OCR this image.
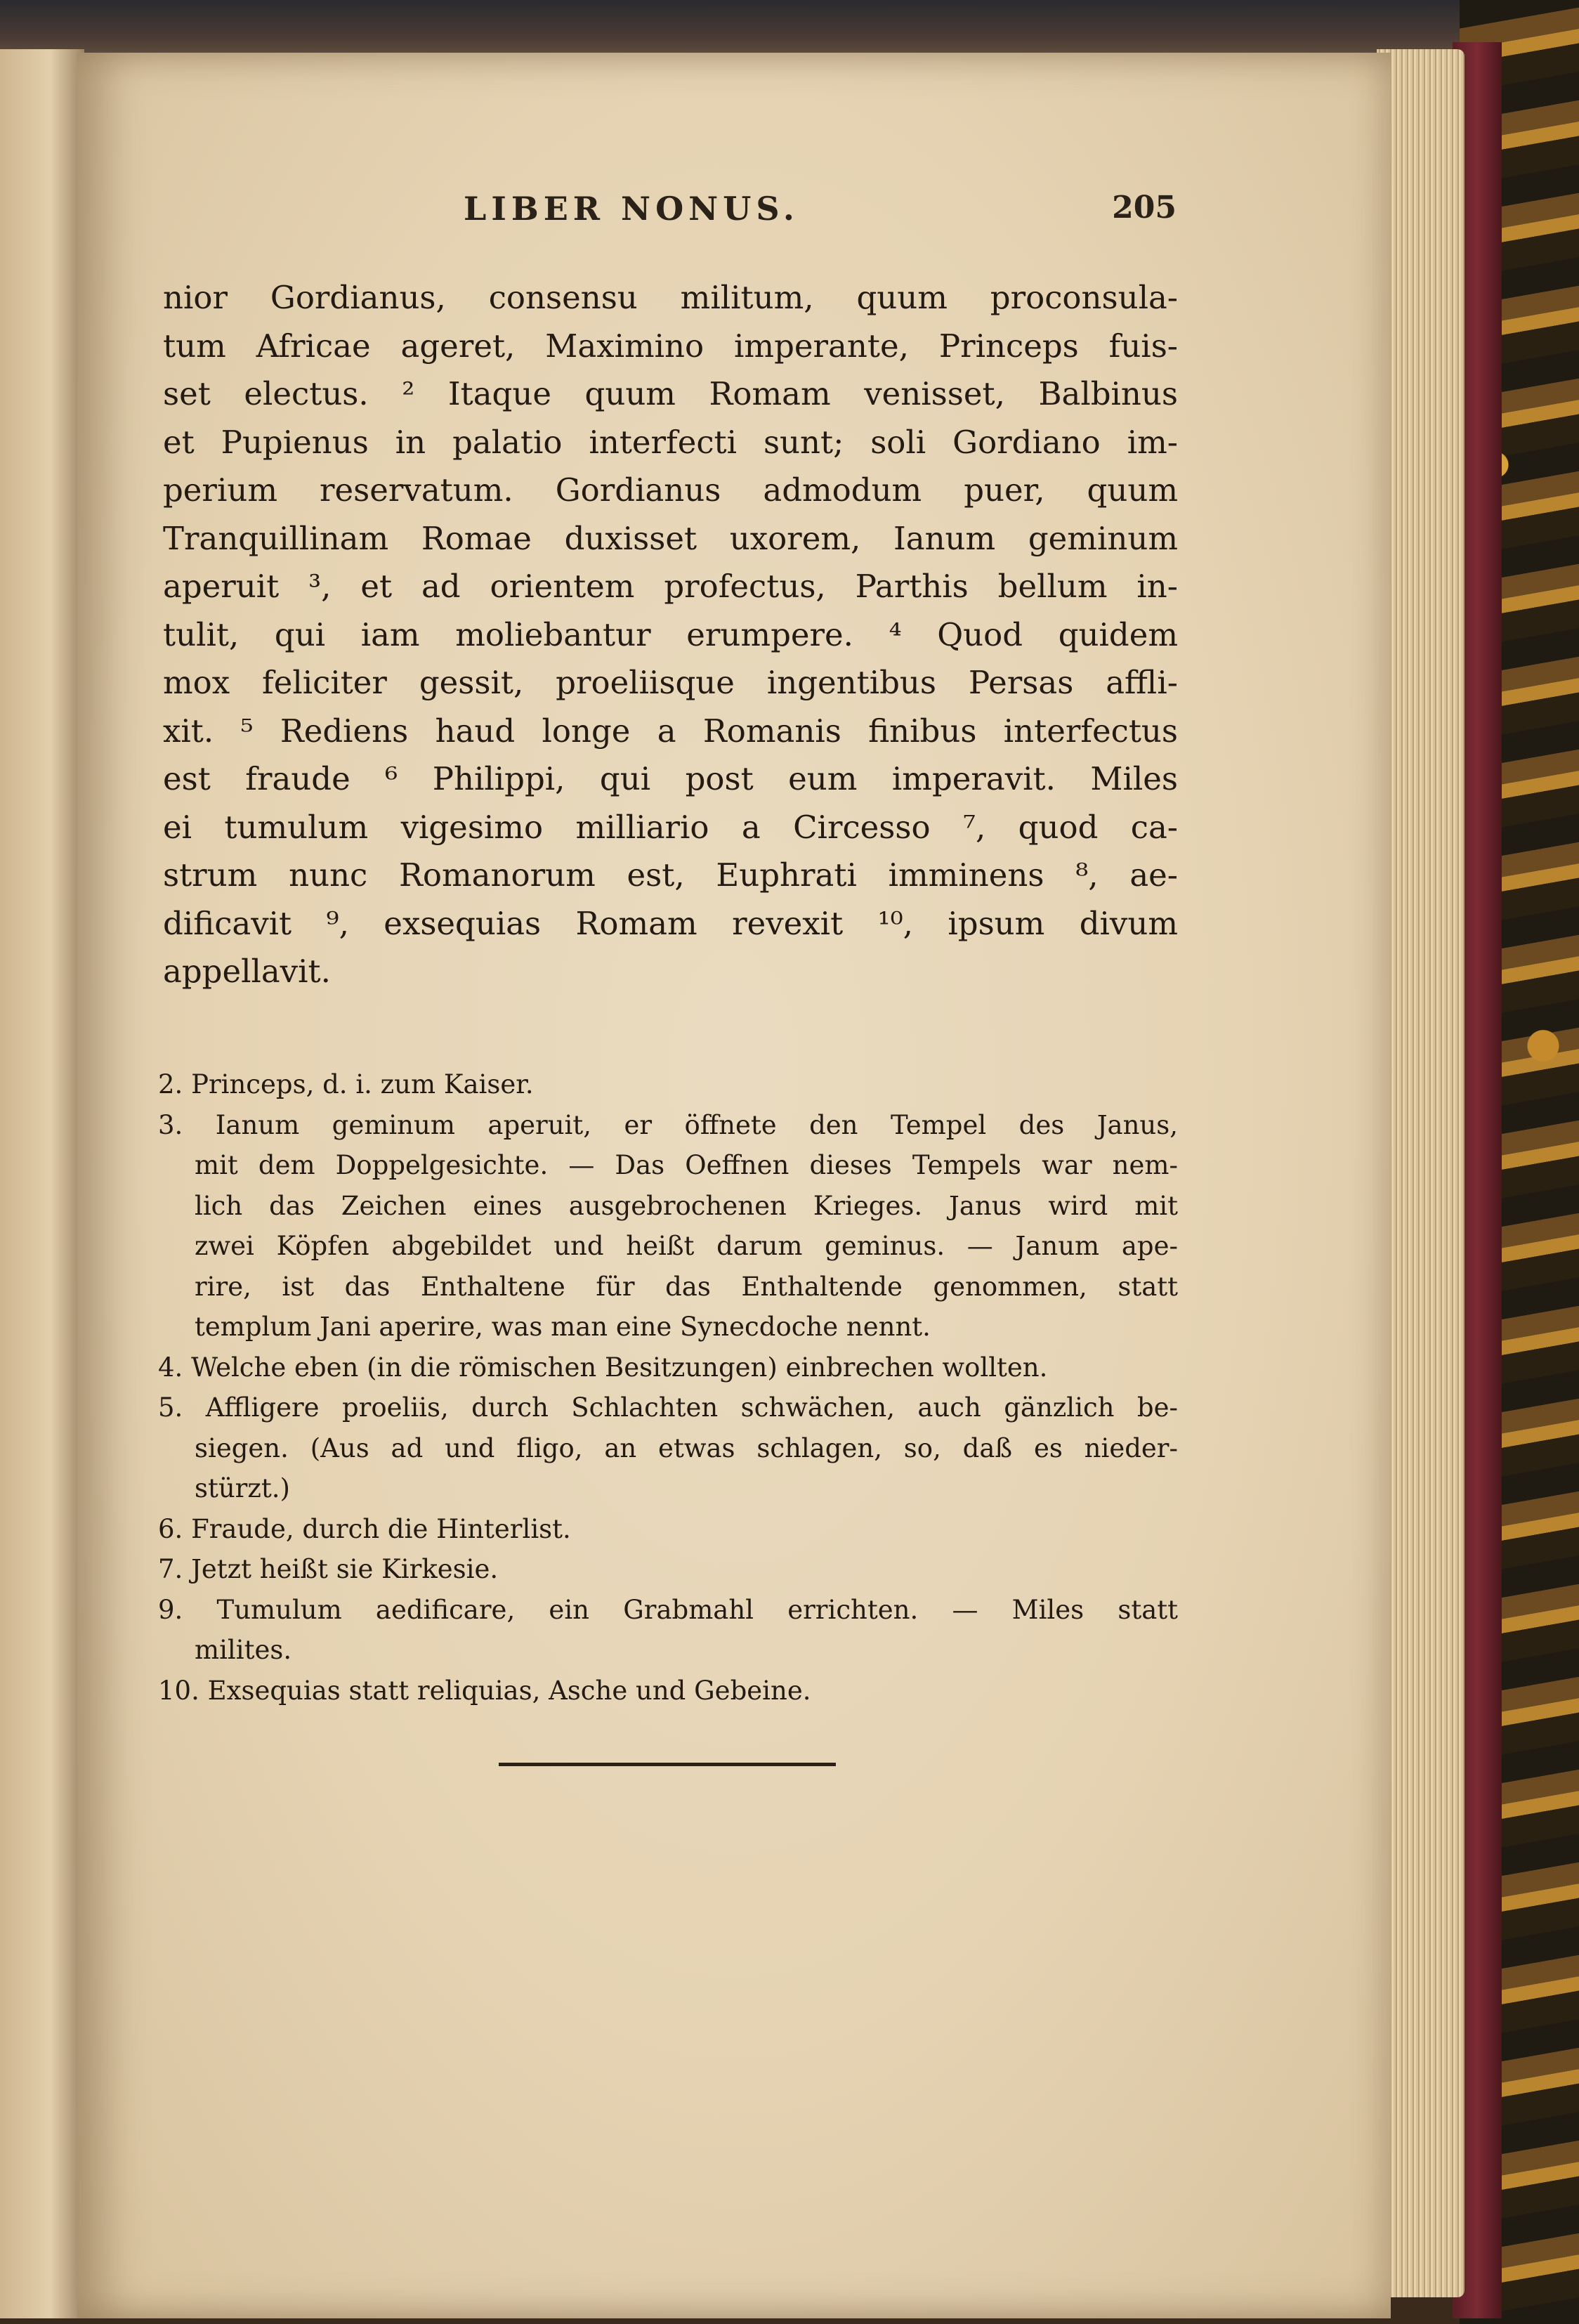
LIBER NONUS.	205
nior Gordianus, consensu militum, quum proconsula-
tum Africae ageret, Maximino imperante, Princeps fuis-
set electus. ² Itaque quum Romam venisset, Balbinus
et Pupienus in palatio interfecti sunt; soli Gordiano im-
perium reservatum. Gordianus admodum puer, quum
Tranquillinam Romae duxisset uxorem, Ianum geminum
aperuit ³, et ad orientem profectus, Parthis bellum in-
tulit, qui iam moliebantur erumpere. ⁴ Quod quidem
mox feliciter gessit, proeliisque ingentibus Persas affli-
xit. ⁵ Rediens haud longe a Romanis finibus interfectus
est fraude ⁶ Philippi, qui post eum imperavit. Miles
ei tumulum vigesimo milliario a Circesso ⁷, quod ca-
strum nunc Romanorum est, Euphrati imminens ⁸, ae-
dificavit ⁹, exsequias Romam revexit ¹⁰, ipsum divum
appellavit.
2. Princeps, d. i. zum Kaiser.
3. Ianum geminum aperuit, er öffnete den Tempel des Janus,
mit dem Doppelgesichte. — Das Oeffnen dieses Tempels war nem-
lich das Zeichen eines ausgebrochenen Krieges. Janus wird mit
zwei Köpfen abgebildet und heißt darum geminus. — Janum ape-
rire, ist das Enthaltene für das Enthaltende genommen, statt
templum Jani aperire, was man eine Synecdoche nennt.
4. Welche eben (in die römischen Besitzungen) einbrechen wollten.
5. Affligere proeliis, durch Schlachten schwächen, auch gänzlich be-
siegen. (Aus ad und fligo, an etwas schlagen, so, daß es nieder-
stürzt.)
6. Fraude, durch die Hinterlist.
7. Jetzt heißt sie Kirkesie.
9. Tumulum aedificare, ein Grabmahl errichten. — Miles statt
milites.
10. Exsequias statt reliquias, Asche und Gebeine.
